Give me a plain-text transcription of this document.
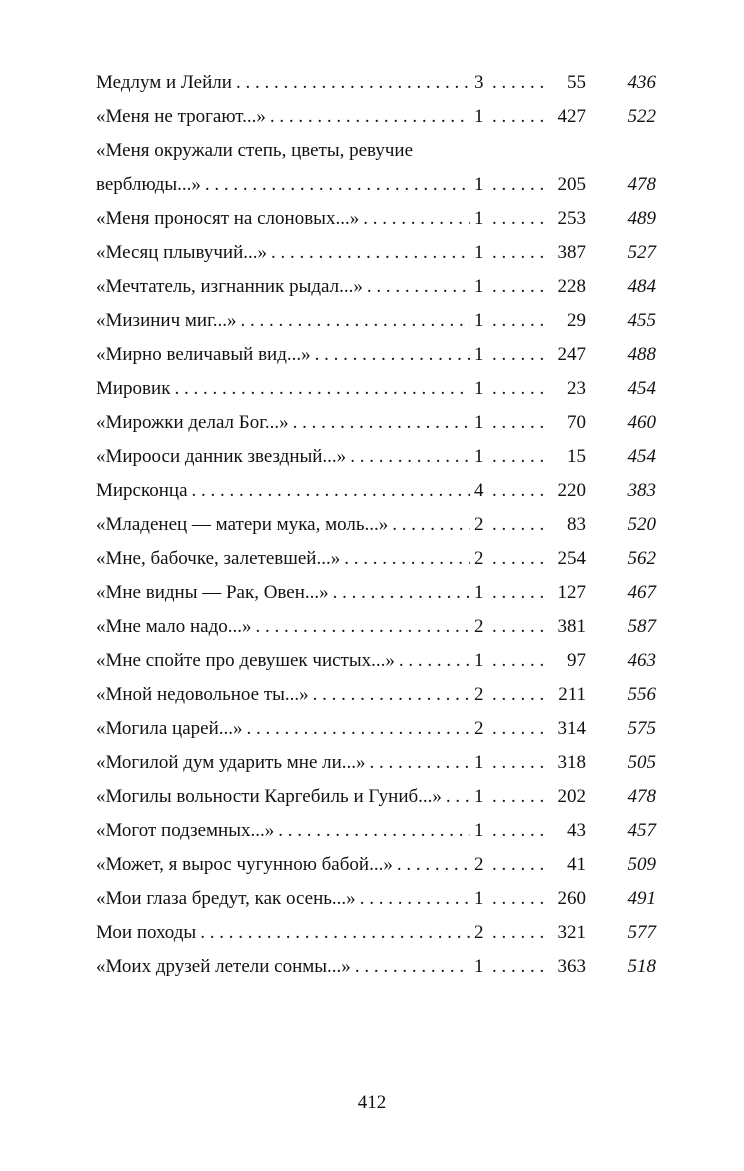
Медлум и Лейли . . .	3 . . .	55	436
«Меня не трогают...» . . .	1 . . .	427	522
«Меня окружали степь, цветы, ревучие
верблюды...» . . .	1 . . .	205	478
«Меня проносят на слоновых...» . . .	1 . . .	253	489
«Месяц плывучий...» . . .	1 . . .	387	527
«Мечтатель, изгнанник рыдал...» . . .	1 . . .	228	484
«Мизинич миг...» . . .	1 . . .	29	455
«Мирно величавый вид...» . . .	1 . . .	247	488
Мировик . . .	1 . . .	23	454
«Мирожки делал Бог...» . . .	1 . . .	70	460
«Мирооси данник звездный...» . . .	1 . . .	15	454
Мирсконца . . .	4 . . .	220	383
«Младенец — матери мука, моль...» . . .	2 . . .	83	520
«Мне, бабочке, залетевшей...» . . .	2 . . .	254	562
«Мне видны — Рак, Овен...» . . .	1 . . .	127	467
«Мне мало надо...» . . .	2 . . .	381	587
«Мне спойте про девушек чистых...» . . .	1 . . .	97	463
«Мной недовольное ты...» . . .	2 . . .	211	556
«Могила царей...» . . .	2 . . .	314	575
«Могилой дум ударить мне ли...» . . .	1 . . .	318	505
«Могилы вольности Каргебиль и Гуниб...» . . . 1 . . .	202	478
«Могот подземных...» . . .	1 . . .	43	457
«Может, я вырос чугунною бабой...» . . .	2 . . .	41	509
«Мои глаза бредут, как осень...» . . .	1 . . .	260	491
Мои походы . . .	2 . . .	321	577
«Моих друзей летели сонмы...» . . .	1 . . .	363	518
412
